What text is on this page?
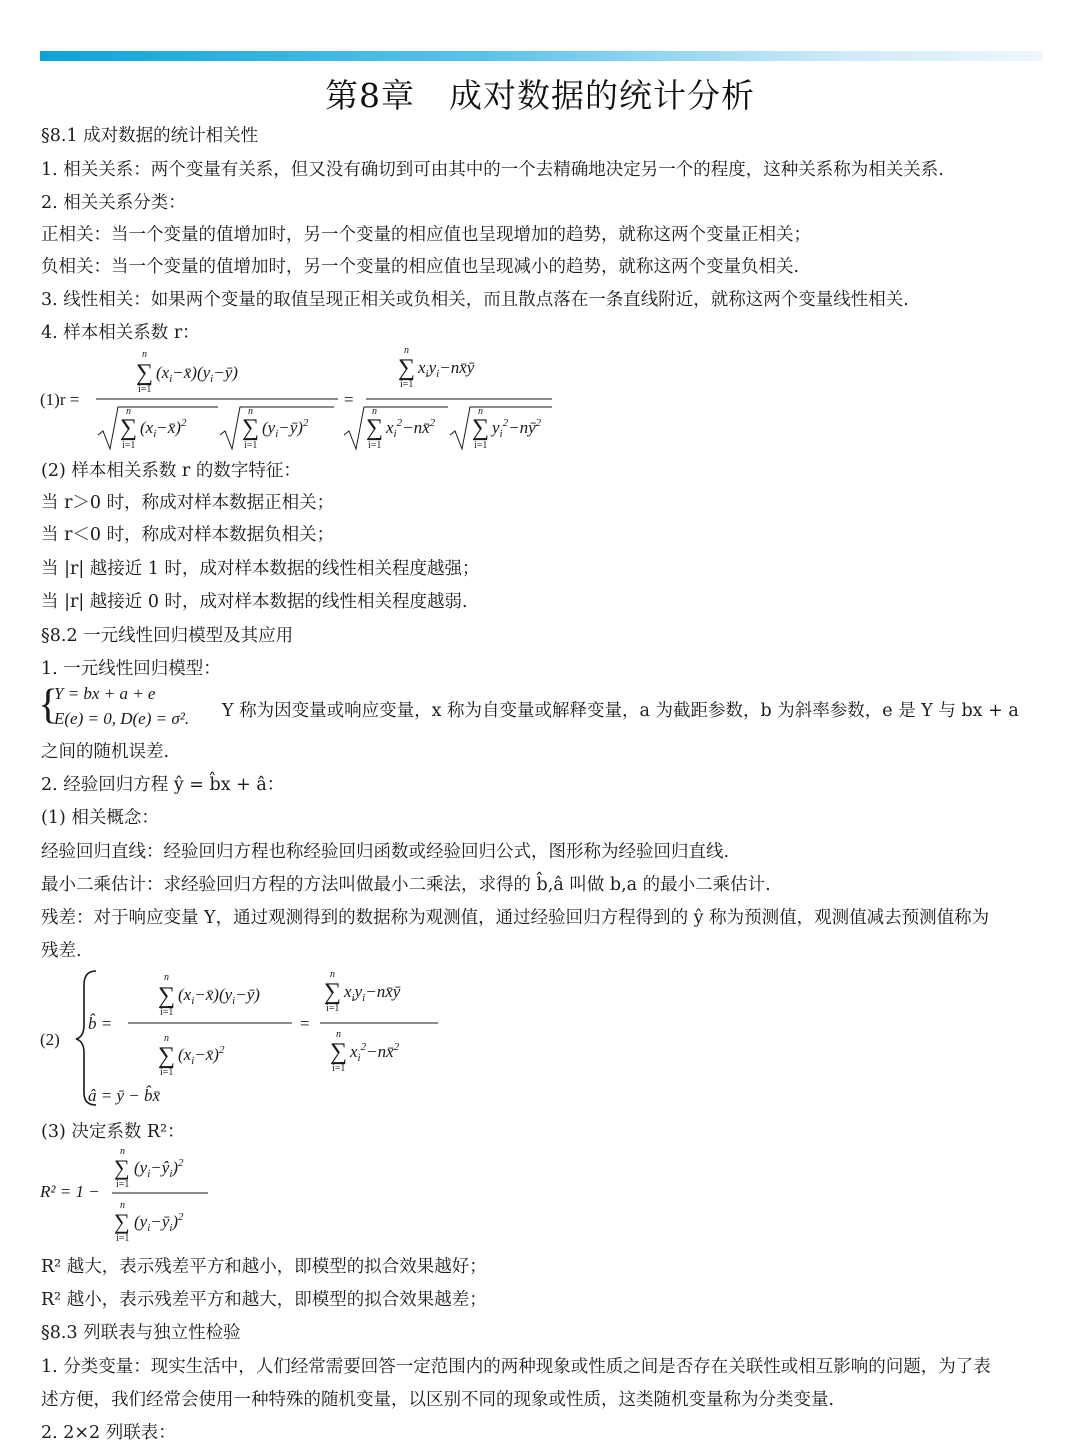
第8章　成对数据的统计分析
§8.1 成对数据的统计相关性
1. 相关关系：两个变量有关系，但又没有确切到可由其中的一个去精确地决定另一个的程度，这种关系称为相关关系.
2. 相关关系分类：
正相关：当一个变量的值增加时，另一个变量的相应值也呈现增加的趋势，就称这两个变量正相关；
负相关：当一个变量的值增加时，另一个变量的相应值也呈现减小的趋势，就称这两个变量负相关.
3. 线性相关：如果两个变量的取值呈现正相关或负相关，而且散点落在一条直线附近，就称这两个变量线性相关.
4. 样本相关系数 r：
(1)r =
∑
n
i=1
$(x_i-x̄)(y_i-ȳ)$
∑
n
i=1
$(x_i-x̄)^2$ ∑
n
i=1
$(y_i-ȳ)^2$
=
∑
n
i=1
$x_iy_i-nx̄ȳ$
∑
n
i=1
$x_i^2-nx̄^2$ ∑
n
i=1
$y_i^2-nȳ^2$
(2) 样本相关系数 r 的数字特征：
当 r＞0 时，称成对样本数据正相关；
当 r＜0 时，称成对样本数据负相关；
当 |r| 越接近 1 时，成对样本数据的线性相关程度越强；
当 |r| 越接近 0 时，成对样本数据的线性相关程度越弱.
§8.2 一元线性回归模型及其应用
1. 一元线性回归模型：
{
Y = bx + a + e
E(e) = 0, D(e) = σ². Y 称为因变量或响应变量，x 称为自变量或解释变量，a 为截距参数，b 为斜率参数，e 是 Y 与 bx + a
之间的随机误差.
2. 经验回归方程 ŷ = b̂x + â：
(1) 相关概念：
经验回归直线：经验回归方程也称经验回归函数或经验回归公式，图形称为经验回归直线.
最小二乘估计：求经验回归方程的方法叫做最小二乘法，求得的 b̂,â 叫做 b,a 的最小二乘估计.
残差：对于响应变量 Y，通过观测得到的数据称为观测值，通过经验回归方程得到的 ŷ 称为预测值，观测值减去预测值称为
残差.
(2)
b̂ =
∑
n
i=1
$(x_i-x̄)(y_i-ȳ)$
∑
n
i=1
$(x_i-x̄)^2$
=
∑
n
i=1
$x_iy_i-nx̄ȳ$
∑
n
i=1
$x_i^2-nx̄^2$
â = ȳ − b̂x̄
(3) 决定系数 R²：
R² = 1 −
∑
n
i=1
$(y_i-ŷ_i)^2$
∑
n
i=1
$(y_i-ȳ_i)^2$
R² 越大，表示残差平方和越小，即模型的拟合效果越好；
R² 越小，表示残差平方和越大，即模型的拟合效果越差；
§8.3 列联表与独立性检验
1. 分类变量：现实生活中，人们经常需要回答一定范围内的两种现象或性质之间是否存在关联性或相互影响的问题，为了表
述方便，我们经常会使用一种特殊的随机变量，以区别不同的现象或性质，这类随机变量称为分类变量.
2. 2×2 列联表：
